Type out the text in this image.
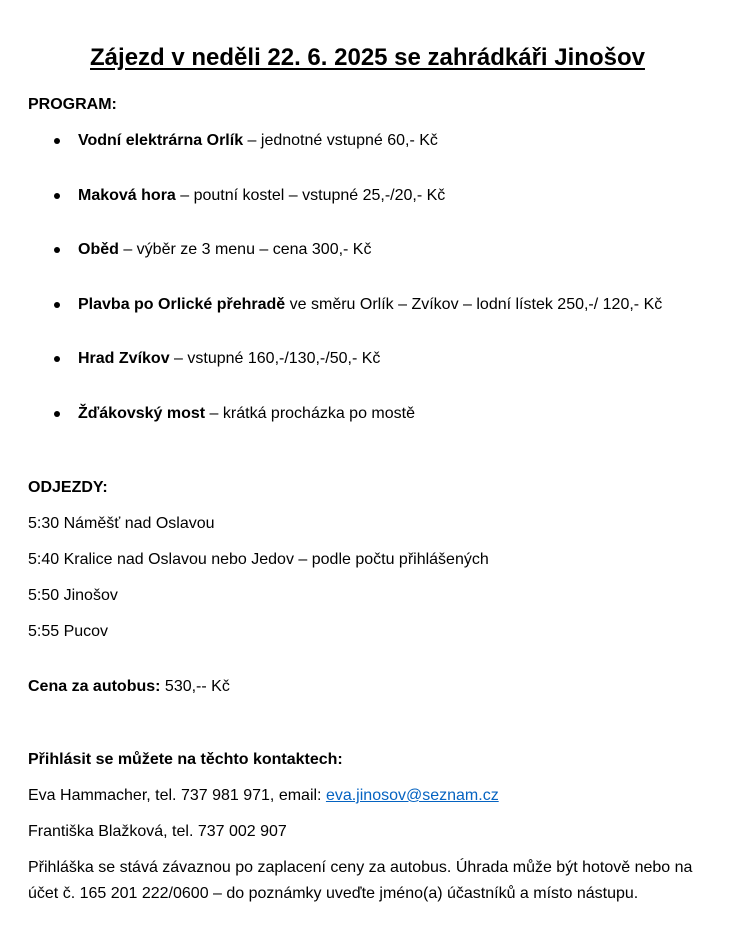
Zájezd v neděli 22. 6. 2025 se zahrádkáři Jinošov
PROGRAM:
Vodní elektrárna Orlík – jednotné vstupné 60,- Kč
Maková hora – poutní kostel – vstupné 25,-/20,- Kč
Oběd – výběr ze 3 menu – cena 300,- Kč
Plavba po Orlické přehradě ve směru Orlík – Zvíkov – lodní lístek 250,-/ 120,- Kč
Hrad Zvíkov – vstupné 160,-/130,-/50,- Kč
Žďákovský most – krátká procházka po mostě
ODJEZDY:
5:30 Náměšť nad Oslavou
5:40 Kralice nad Oslavou nebo Jedov – podle počtu přihlášených
5:50 Jinošov
5:55 Pucov
Cena za autobus: 530,-- Kč
Přihlásit se můžete na těchto kontaktech:
Eva Hammacher, tel. 737 981 971, email: eva.jinosov@seznam.cz
Františka Blažková, tel. 737 002 907
Přihláška se stává závaznou po zaplacení ceny za autobus. Úhrada může být hotově nebo na účet č. 165 201 222/0600 – do poznámky uveďte jméno(a) účastníků a místo nástupu.
